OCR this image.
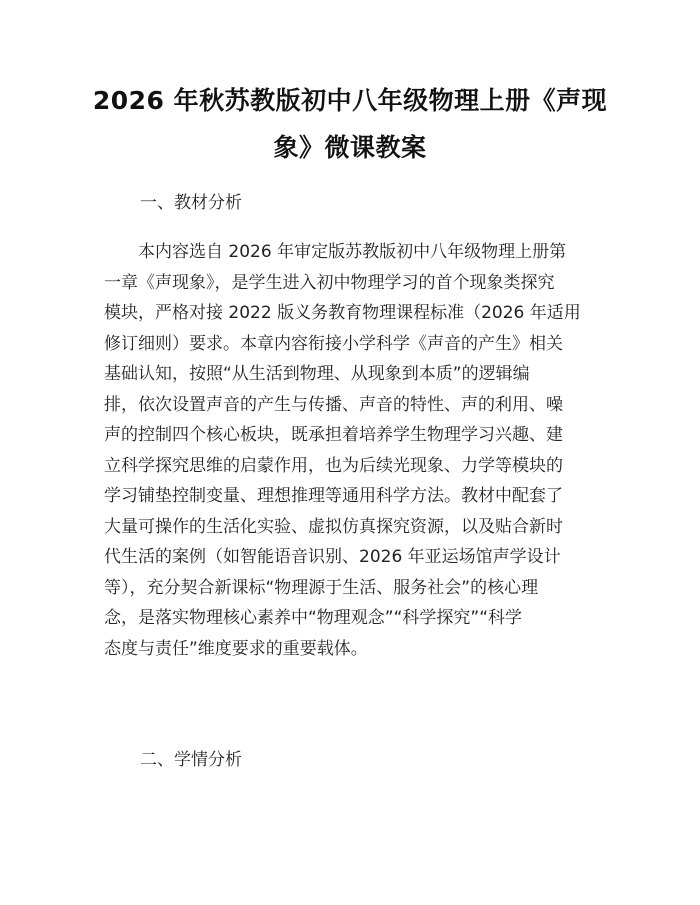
2026 年秋苏教版初中八年级物理上册《声现
象》微课教案
一、教材分析
本内容选自 2026 年审定版苏教版初中八年级物理上册第
一章《声现象》，是学生进入初中物理学习的首个现象类探究
模块，严格对接 2022 版义务教育物理课程标准（2026 年适用
修订细则）要求。本章内容衔接小学科学《声音的产生》相关
基础认知，按照“从生活到物理、从现象到本质”的逻辑编
排，依次设置声音的产生与传播、声音的特性、声的利用、噪
声的控制四个核心板块，既承担着培养学生物理学习兴趣、建
立科学探究思维的启蒙作用，也为后续光现象、力学等模块的
学习铺垫控制变量、理想推理等通用科学方法。教材中配套了
大量可操作的生活化实验、虚拟仿真探究资源，以及贴合新时
代生活的案例（如智能语音识别、2026 年亚运场馆声学设计
等），充分契合新课标“物理源于生活、服务社会”的核心理
念，是落实物理核心素养中“物理观念”“科学探究”“科学
态度与责任”维度要求的重要载体。
二、学情分析
